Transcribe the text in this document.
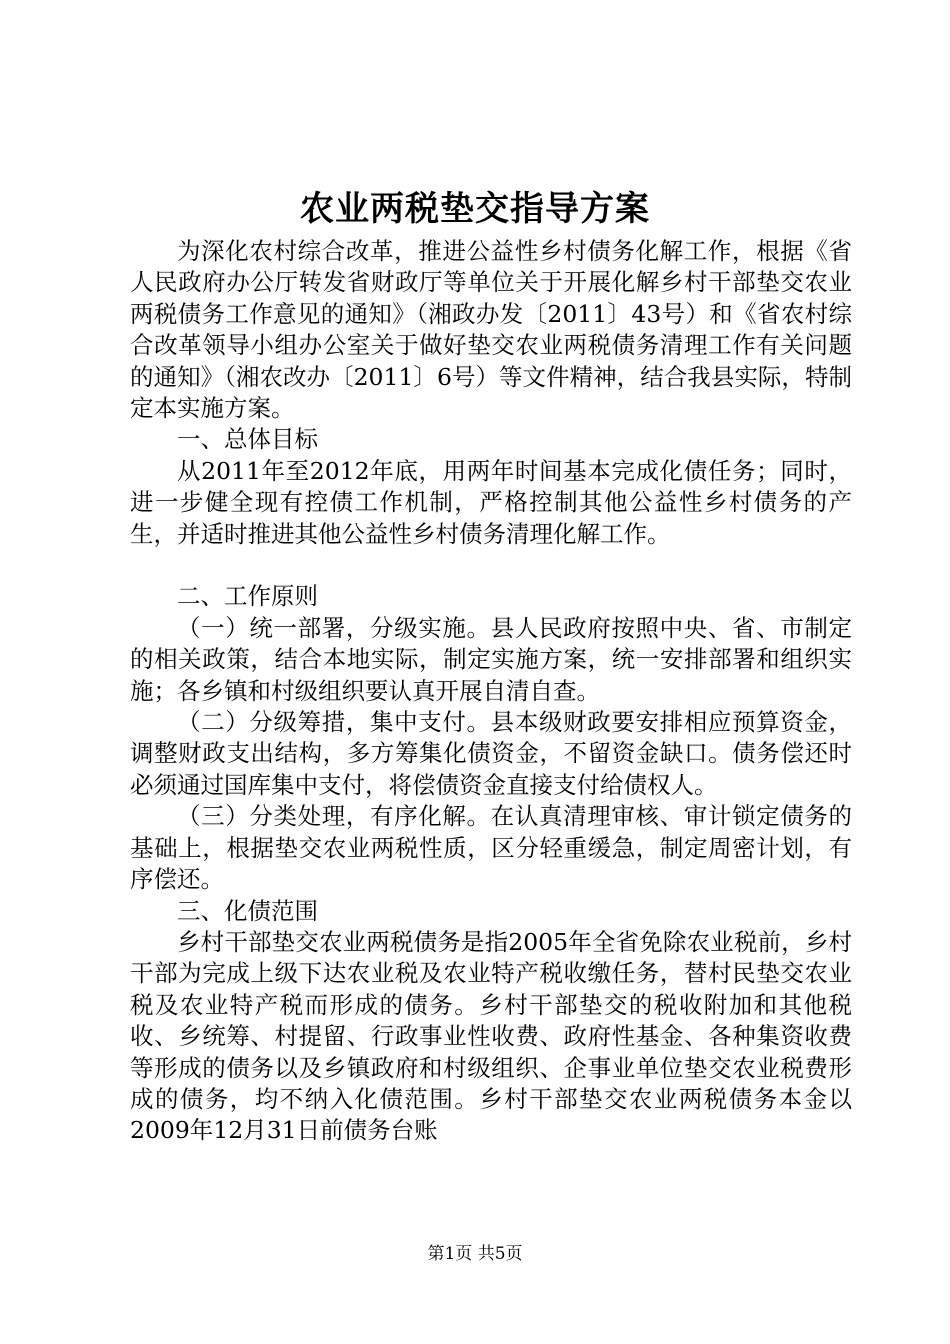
农业两税垫交指导方案

为深化农村综合改革，推进公益性乡村债务化解工作，根据《省人民政府办公厅转发省财政厅等单位关于开展化解乡村干部垫交农业两税债务工作意见的通知》（湘政办发〔2011〕43号）和《省农村综合改革领导小组办公室关于做好垫交农业两税债务清理工作有关问题的通知》（湘农改办〔2011〕6号）等文件精神，结合我县实际，特制定本实施方案。

一、总体目标

从2011年至2012年底，用两年时间基本完成化债任务；同时，进一步健全现有控债工作机制，严格控制其他公益性乡村债务的产生，并适时推进其他公益性乡村债务清理化解工作。

二、工作原则

（一）统一部署，分级实施。县人民政府按照中央、省、市制定的相关政策，结合本地实际，制定实施方案，统一安排部署和组织实施；各乡镇和村级组织要认真开展自清自查。

（二）分级筹措，集中支付。县本级财政要安排相应预算资金，调整财政支出结构，多方筹集化债资金，不留资金缺口。债务偿还时必须通过国库集中支付，将偿债资金直接支付给债权人。

（三）分类处理，有序化解。在认真清理审核、审计锁定债务的基础上，根据垫交农业两税性质，区分轻重缓急，制定周密计划，有序偿还。

三、化债范围

乡村干部垫交农业两税债务是指2005年全省免除农业税前，乡村干部为完成上级下达农业税及农业特产税收缴任务，替村民垫交农业税及农业特产税而形成的债务。乡村干部垫交的税收附加和其他税收、乡统筹、村提留、行政事业性收费、政府性基金、各种集资收费等形成的债务以及乡镇政府和村级组织、企事业单位垫交农业税费形成的债务，均不纳入化债范围。乡村干部垫交农业两税债务本金以2009年12月31日前债务台账

第1页 共5页
